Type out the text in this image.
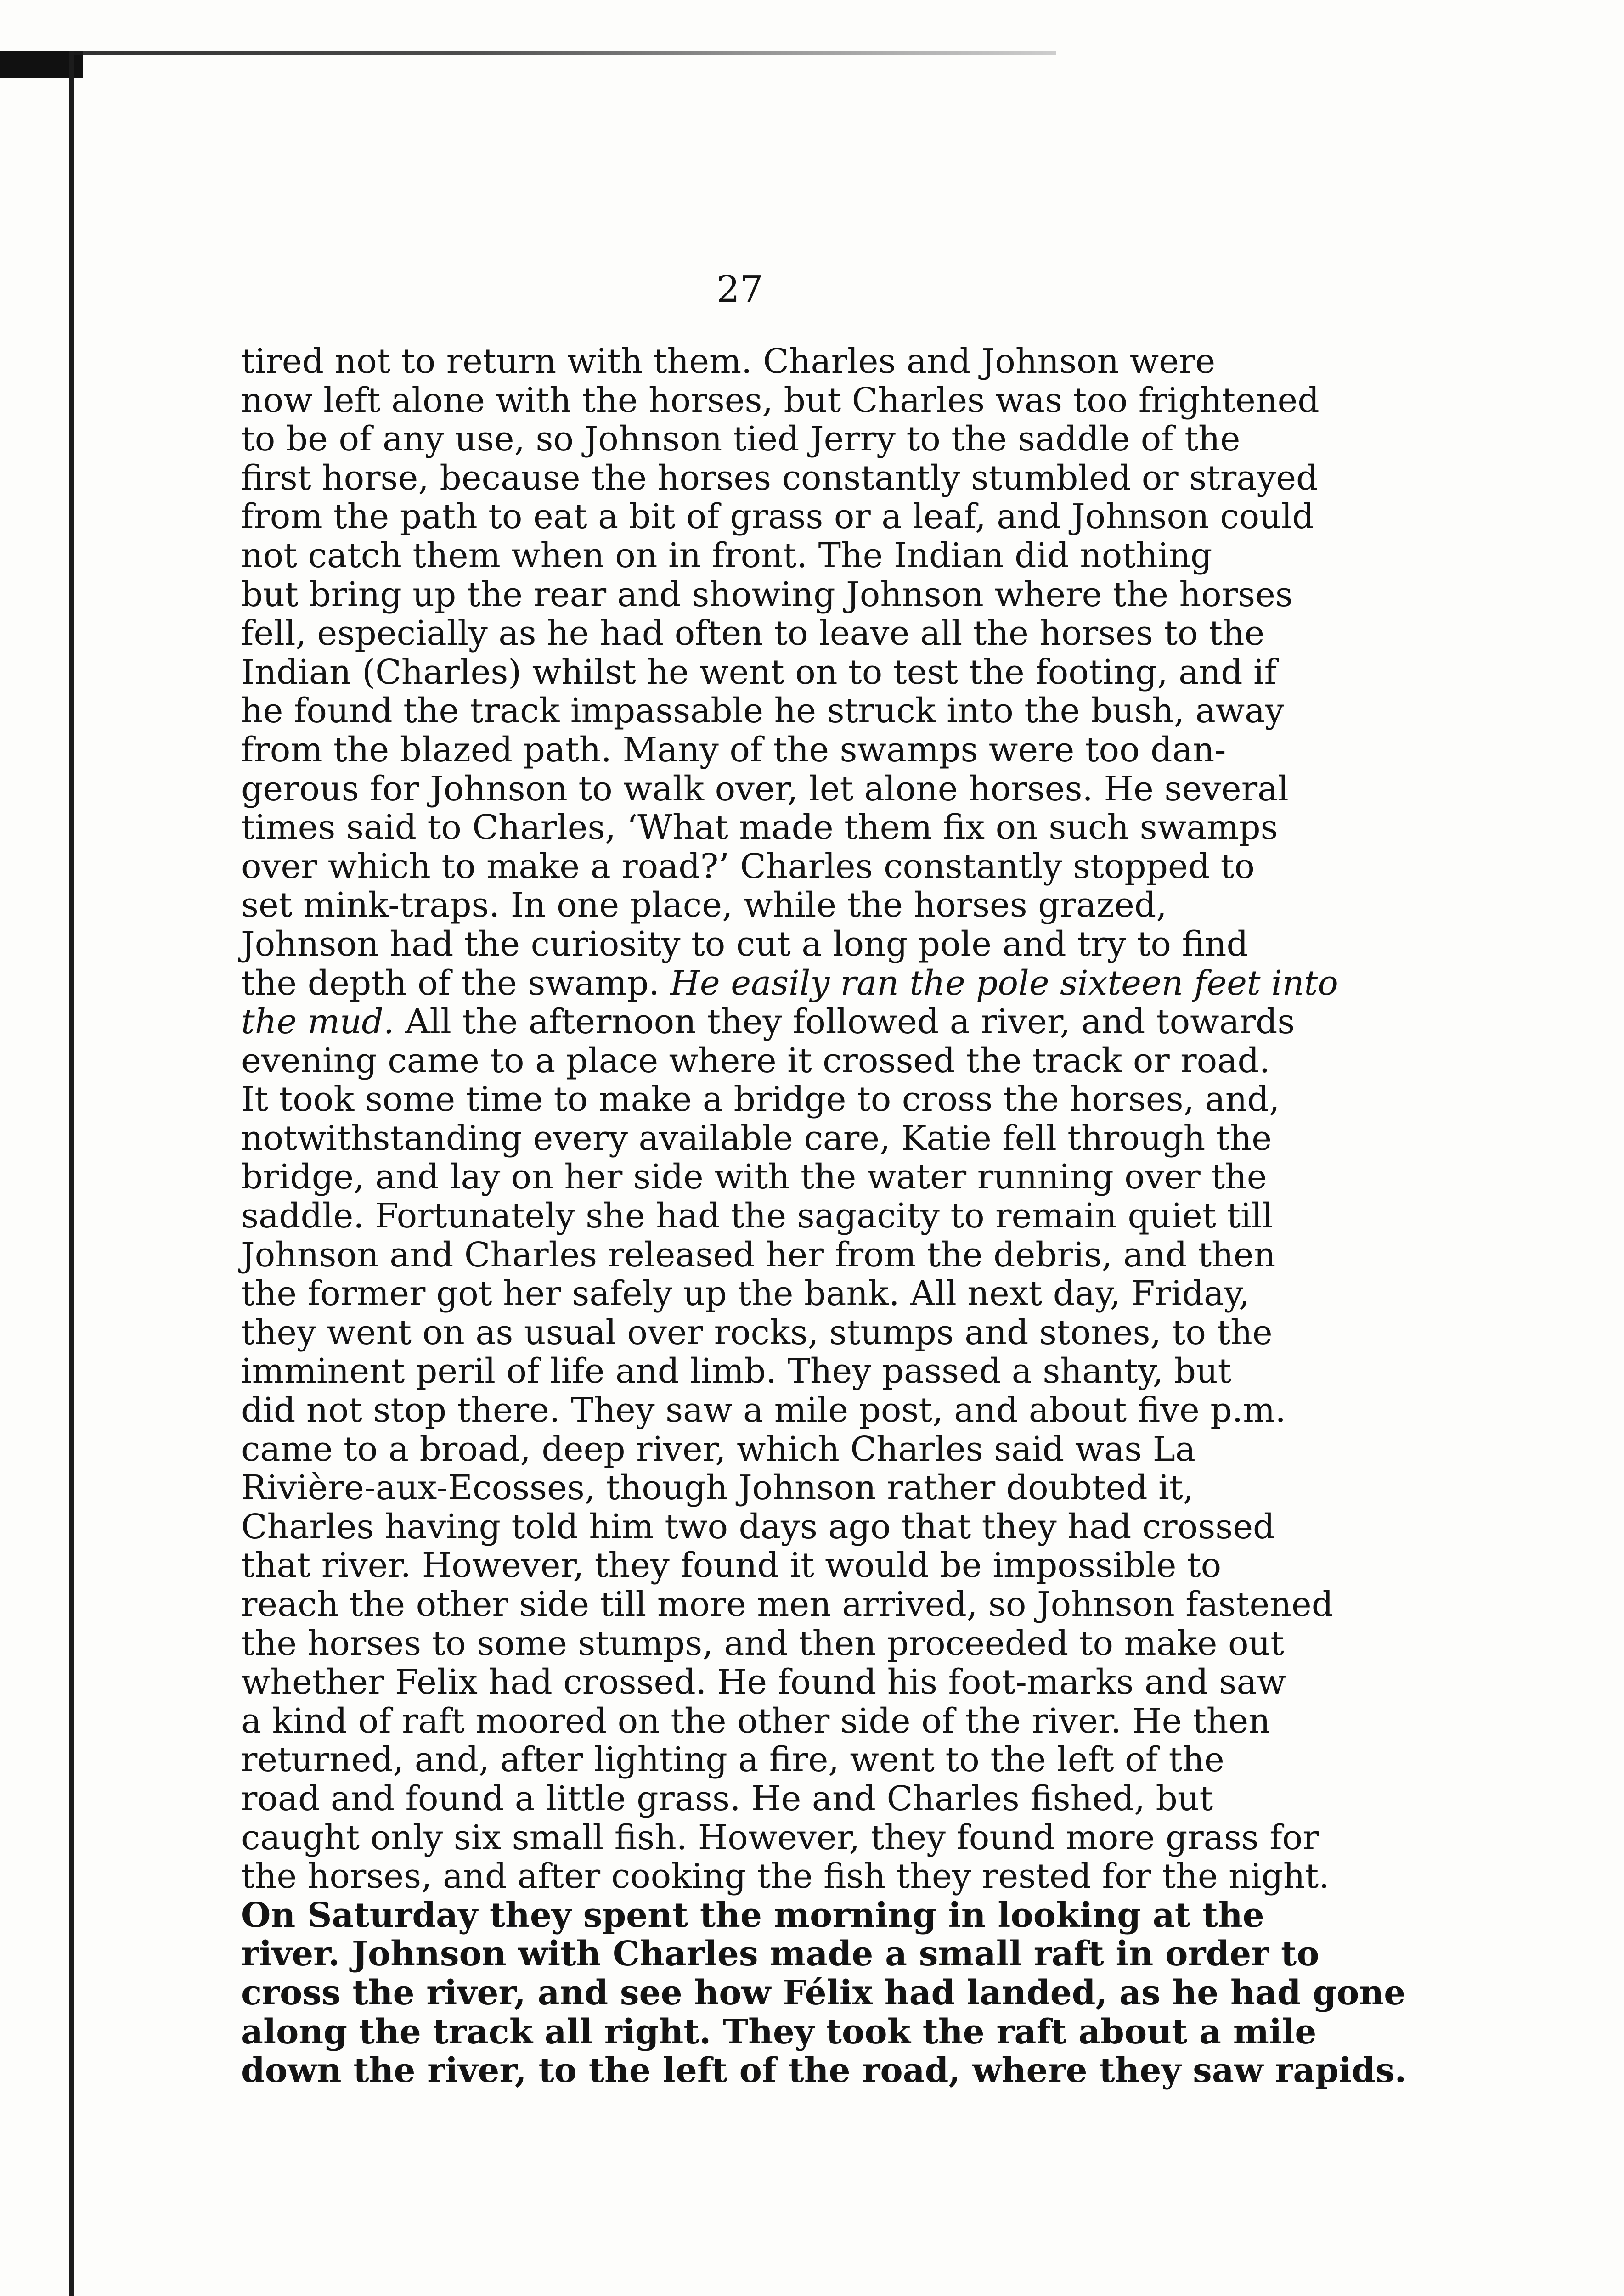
27
tired not to return with them. Charles and Johnson were
now left alone with the horses, but Charles was too frightened
to be of any use, so Johnson tied Jerry to the saddle of the
first horse, because the horses constantly stumbled or strayed
from the path to eat a bit of grass or a leaf, and Johnson could
not catch them when on in front. The Indian did nothing
but bring up the rear and showing Johnson where the horses
fell, especially as he had often to leave all the horses to the
Indian (Charles) whilst he went on to test the footing, and if
he found the track impassable he struck into the bush, away
from the blazed path. Many of the swamps were too dan-
gerous for Johnson to walk over, let alone horses. He several
times said to Charles, ‘What made them fix on such swamps
over which to make a road?’ Charles constantly stopped to
set mink-traps. In one place, while the horses grazed,
Johnson had the curiosity to cut a long pole and try to find
the depth of the swamp. He easily ran the pole sixteen feet into
the mud. All the afternoon they followed a river, and towards
evening came to a place where it crossed the track or road.
It took some time to make a bridge to cross the horses, and,
notwithstanding every available care, Katie fell through the
bridge, and lay on her side with the water running over the
saddle. Fortunately she had the sagacity to remain quiet till
Johnson and Charles released her from the debris, and then
the former got her safely up the bank. All next day, Friday,
they went on as usual over rocks, stumps and stones, to the
imminent peril of life and limb. They passed a shanty, but
did not stop there. They saw a mile post, and about five p.m.
came to a broad, deep river, which Charles said was La
Rivière-aux-Ecosses, though Johnson rather doubted it,
Charles having told him two days ago that they had crossed
that river. However, they found it would be impossible to
reach the other side till more men arrived, so Johnson fastened
the horses to some stumps, and then proceeded to make out
whether Felix had crossed. He found his foot-marks and saw
a kind of raft moored on the other side of the river. He then
returned, and, after lighting a fire, went to the left of the
road and found a little grass. He and Charles fished, but
caught only six small fish. However, they found more grass for
the horses, and after cooking the fish they rested for the night.
On Saturday they spent the morning in looking at the
river. Johnson with Charles made a small raft in order to
cross the river, and see how Félix had landed, as he had gone
along the track all right. They took the raft about a mile
down the river, to the left of the road, where they saw rapids.
